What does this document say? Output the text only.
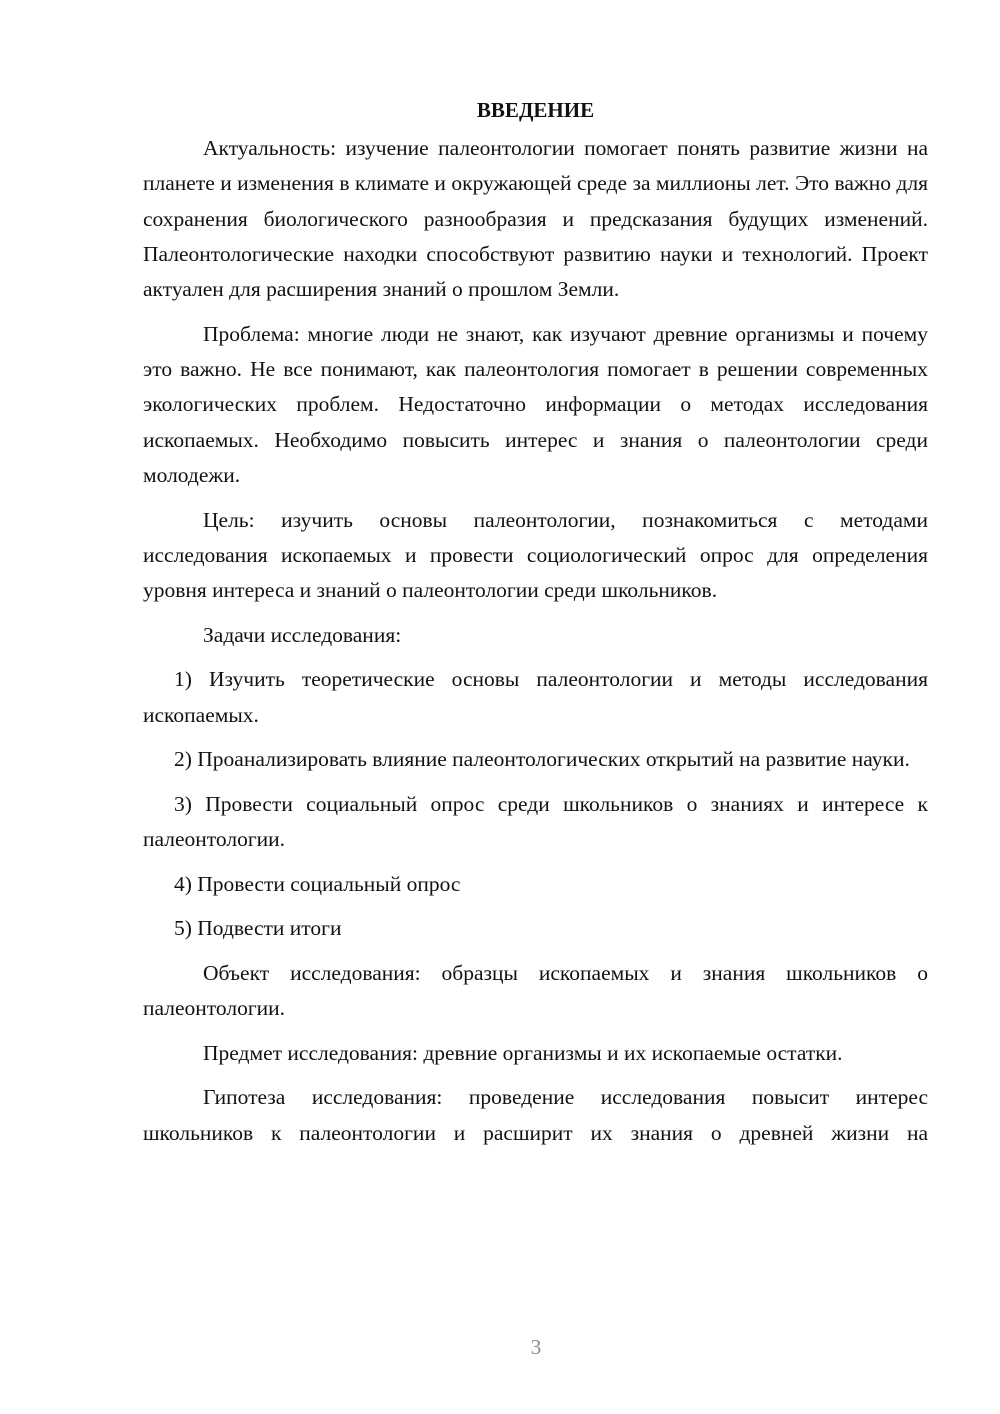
ВВЕДЕНИЕ

Актуальность: изучение палеонтологии помогает понять развитие жизни на планете и изменения в климате и окружающей среде за миллионы лет. Это важно для сохранения биологического разнообразия и предсказания будущих изменений. Палеонтологические находки способствуют развитию науки и технологий. Проект актуален для расширения знаний о прошлом Земли.

Проблема: многие люди не знают, как изучают древние организмы и почему это важно. Не все понимают, как палеонтология помогает в решении современных экологических проблем. Недостаточно информации о методах исследования ископаемых. Необходимо повысить интерес и знания о палеонтологии среди молодежи.

Цель: изучить основы палеонтологии, познакомиться с методами исследования ископаемых и провести социологический опрос для определения уровня интереса и знаний о палеонтологии среди школьников.

Задачи исследования:

1) Изучить теоретические основы палеонтологии и методы исследования ископаемых.

2) Проанализировать влияние палеонтологических открытий на развитие науки.

3) Провести социальный опрос среди школьников о знаниях и интересе к палеонтологии.

4) Провести социальный опрос

5) Подвести итоги

Объект исследования: образцы ископаемых и знания школьников о палеонтологии.

Предмет исследования: древние организмы и их ископаемые остатки.

Гипотеза исследования: проведение исследования повысит интерес школьников к палеонтологии и расширит их знания о древней жизни на

3
